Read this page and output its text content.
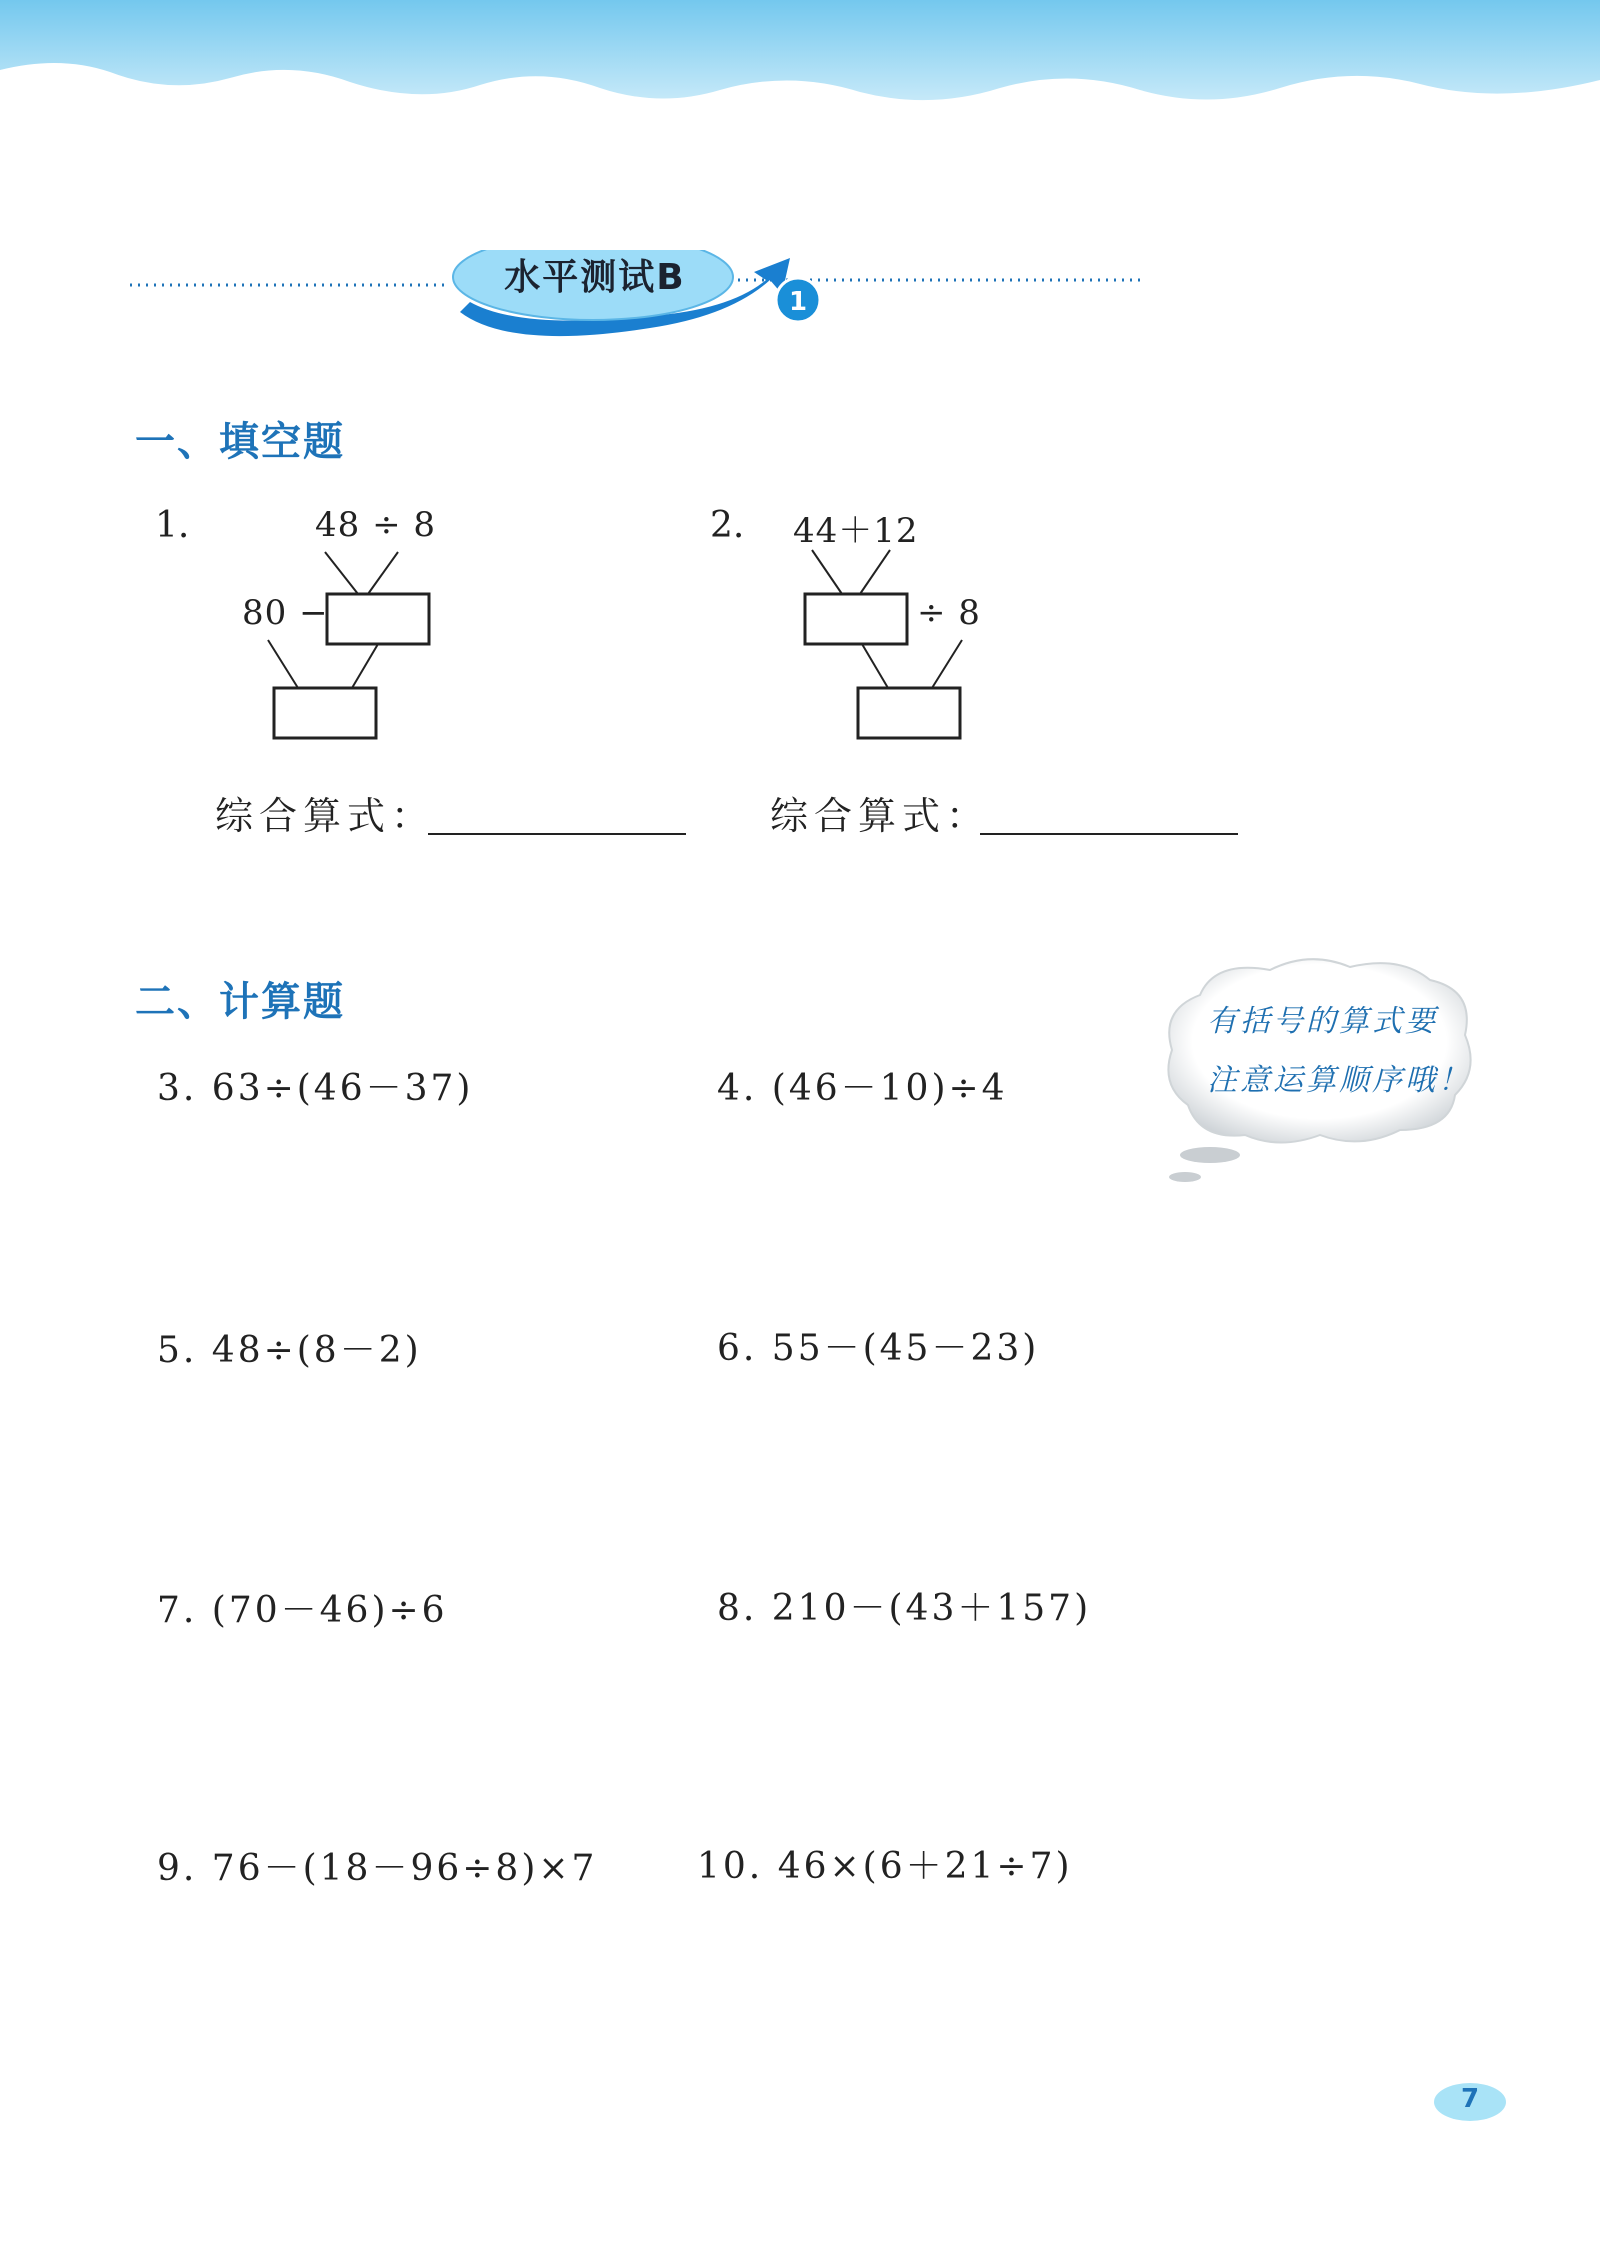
水平测试B
1
一、填空题
1.	48 ÷ 8
80 −
综合算式：
2. 44＋12
÷ 8
综合算式：
二、计算题
3. 63÷(46－37)	4. (46－10)÷4
5. 48÷(8－2)	6. 55－(45－23)
7. (70－46)÷6	8. 210－(43＋157)
9. 76－(18－96÷8)×7	10. 46×(6＋21÷7)
有括号的算式要
注意运算顺序哦！
7
